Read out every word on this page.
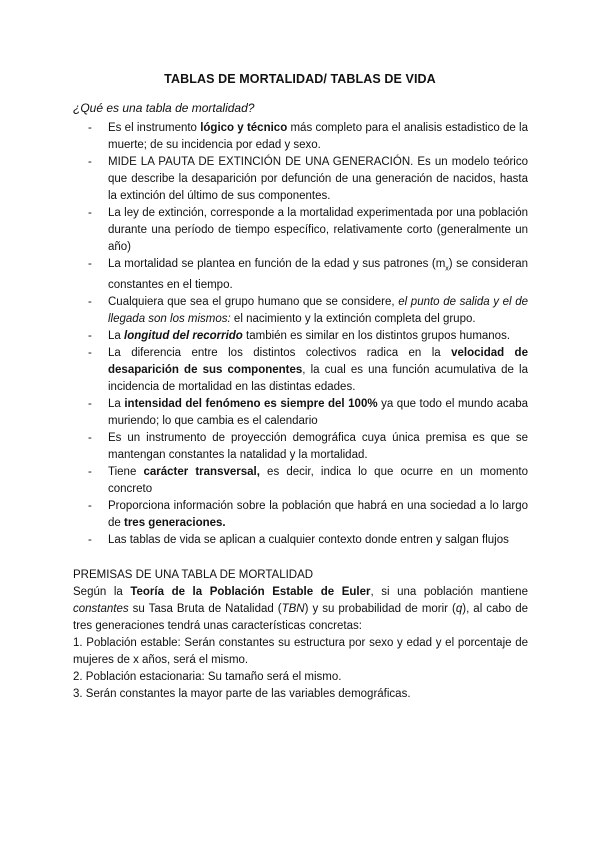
TABLAS DE MORTALIDAD/ TABLAS DE VIDA
¿Qué es una tabla de mortalidad?
- Es el instrumento lógico y técnico más completo para el analisis estadistico de la muerte; de su incidencia por edad y sexo.
- MIDE LA PAUTA DE EXTINCIÓN DE UNA GENERACIÓN. Es un modelo teórico que describe la desaparición por defunción de una generación de nacidos, hasta la extinción del último de sus componentes.
- La ley de extinción, corresponde a la mortalidad experimentada por una población durante una período de tiempo específico, relativamente corto (generalmente un año)
- La mortalidad se plantea en función de la edad y sus patrones $(m_x)$ se consideran constantes en el tiempo.
- Cualquiera que sea el grupo humano que se considere, el punto de salida y el de llegada son los mismos: el nacimiento y la extinción completa del grupo.
- La longitud del recorrido también es similar en los distintos grupos humanos.
- La diferencia entre los distintos colectivos radica en la velocidad de desaparición de sus componentes, la cual es una función acumulativa de la incidencia de mortalidad en las distintas edades.
- La intensidad del fenómeno es siempre del 100% ya que todo el mundo acaba muriendo; lo que cambia es el calendario
- Es un instrumento de proyección demográfica cuya única premisa es que se mantengan constantes la natalidad y la mortalidad.
- Tiene carácter transversal, es decir, indica lo que ocurre en un momento concreto
- Proporciona información sobre la población que habrá en una sociedad a lo largo de tres generaciones.
- Las tablas de vida se aplican a cualquier contexto donde entren y salgan flujos

PREMISAS DE UNA TABLA DE MORTALIDAD

Según la Teoría de la Población Estable de Euler, si una población mantiene constantes su Tasa Bruta de Natalidad (TBN) y su probabilidad de morir (q), al cabo de tres generaciones tendrá unas características concretas:

1. Población estable: Serán constantes su estructura por sexo y edad y el porcentaje de mujeres de x años, será el mismo.

2. Población estacionaria: Su tamaño será el mismo.

3. Serán constantes la mayor parte de las variables demográficas.
